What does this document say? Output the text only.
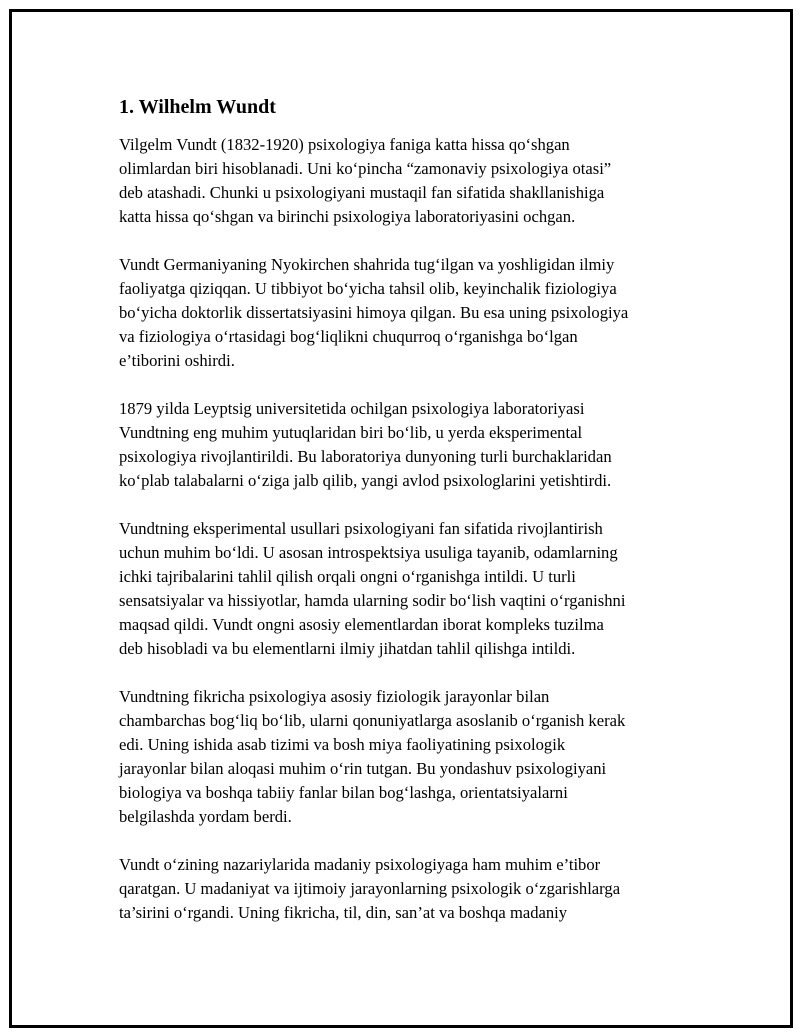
1. Wilhelm Wundt

Vilgelm Vundt (1832-1920) psixologiya faniga katta hissa qo‘shgan
olimlardan biri hisoblanadi. Uni ko‘pincha “zamonaviy psixologiya otasi”
deb atashadi. Chunki u psixologiyani mustaqil fan sifatida shakllanishiga
katta hissa qo‘shgan va birinchi psixologiya laboratoriyasini ochgan.

Vundt Germaniyaning Nyokirchen shahrida tug‘ilgan va yoshligidan ilmiy
faoliyatga qiziqqan. U tibbiyot bo‘yicha tahsil olib, keyinchalik fiziologiya
bo‘yicha doktorlik dissertatsiyasini himoya qilgan. Bu esa uning psixologiya
va fiziologiya o‘rtasidagi bog‘liqlikni chuqurroq o‘rganishga bo‘lgan
e’tiborini oshirdi.

1879 yilda Leyptsig universitetida ochilgan psixologiya laboratoriyasi
Vundtning eng muhim yutuqlaridan biri bo‘lib, u yerda eksperimental
psixologiya rivojlantirildi. Bu laboratoriya dunyoning turli burchaklaridan
ko‘plab talabalarni o‘ziga jalb qilib, yangi avlod psixologlarini yetishtirdi.

Vundtning eksperimental usullari psixologiyani fan sifatida rivojlantirish
uchun muhim bo‘ldi. U asosan introspektsiya usuliga tayanib, odamlarning
ichki tajribalarini tahlil qilish orqali ongni o‘rganishga intildi. U turli
sensatsiyalar va hissiyotlar, hamda ularning sodir bo‘lish vaqtini o‘rganishni
maqsad qildi. Vundt ongni asosiy elementlardan iborat kompleks tuzilma
deb hisobladi va bu elementlarni ilmiy jihatdan tahlil qilishga intildi.

Vundtning fikricha psixologiya asosiy fiziologik jarayonlar bilan
chambarchas bog‘liq bo‘lib, ularni qonuniyatlarga asoslanib o‘rganish kerak
edi. Uning ishida asab tizimi va bosh miya faoliyatining psixologik
jarayonlar bilan aloqasi muhim o‘rin tutgan. Bu yondashuv psixologiyani
biologiya va boshqa tabiiy fanlar bilan bog‘lashga, orientatsiyalarni
belgilashda yordam berdi.

Vundt o‘zining nazariylarida madaniy psixologiyaga ham muhim e’tibor
qaratgan. U madaniyat va ijtimoiy jarayonlarning psixologik o‘zgarishlarga
ta’sirini o‘rgandi. Uning fikricha, til, din, san’at va boshqa madaniy
